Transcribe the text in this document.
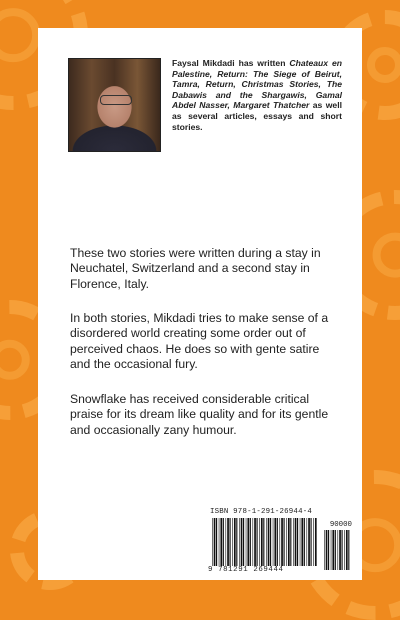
Faysal Mikdadi has written Chateaux en Palestine, Return: The Siege of Beirut, Tamra, Return, Christmas Stories, The Dabawis and the Shargawis, Gamal Abdel Nasser, Margaret Thatcher as well as several articles, essays and short stories.
These two stories were written during a stay in Neuchatel, Switzerland and a second stay in Florence, Italy.
In both stories, Mikdadi tries to make sense of a disordered world creating some order out of perceived chaos. He does so with gente satire and the occasional fury.
Snowflake has received considerable critical praise for its dream like quality and for its gentle and occasionally zany humour.
ISBN 978-1-291-26944-4
90000
9 781291 269444
